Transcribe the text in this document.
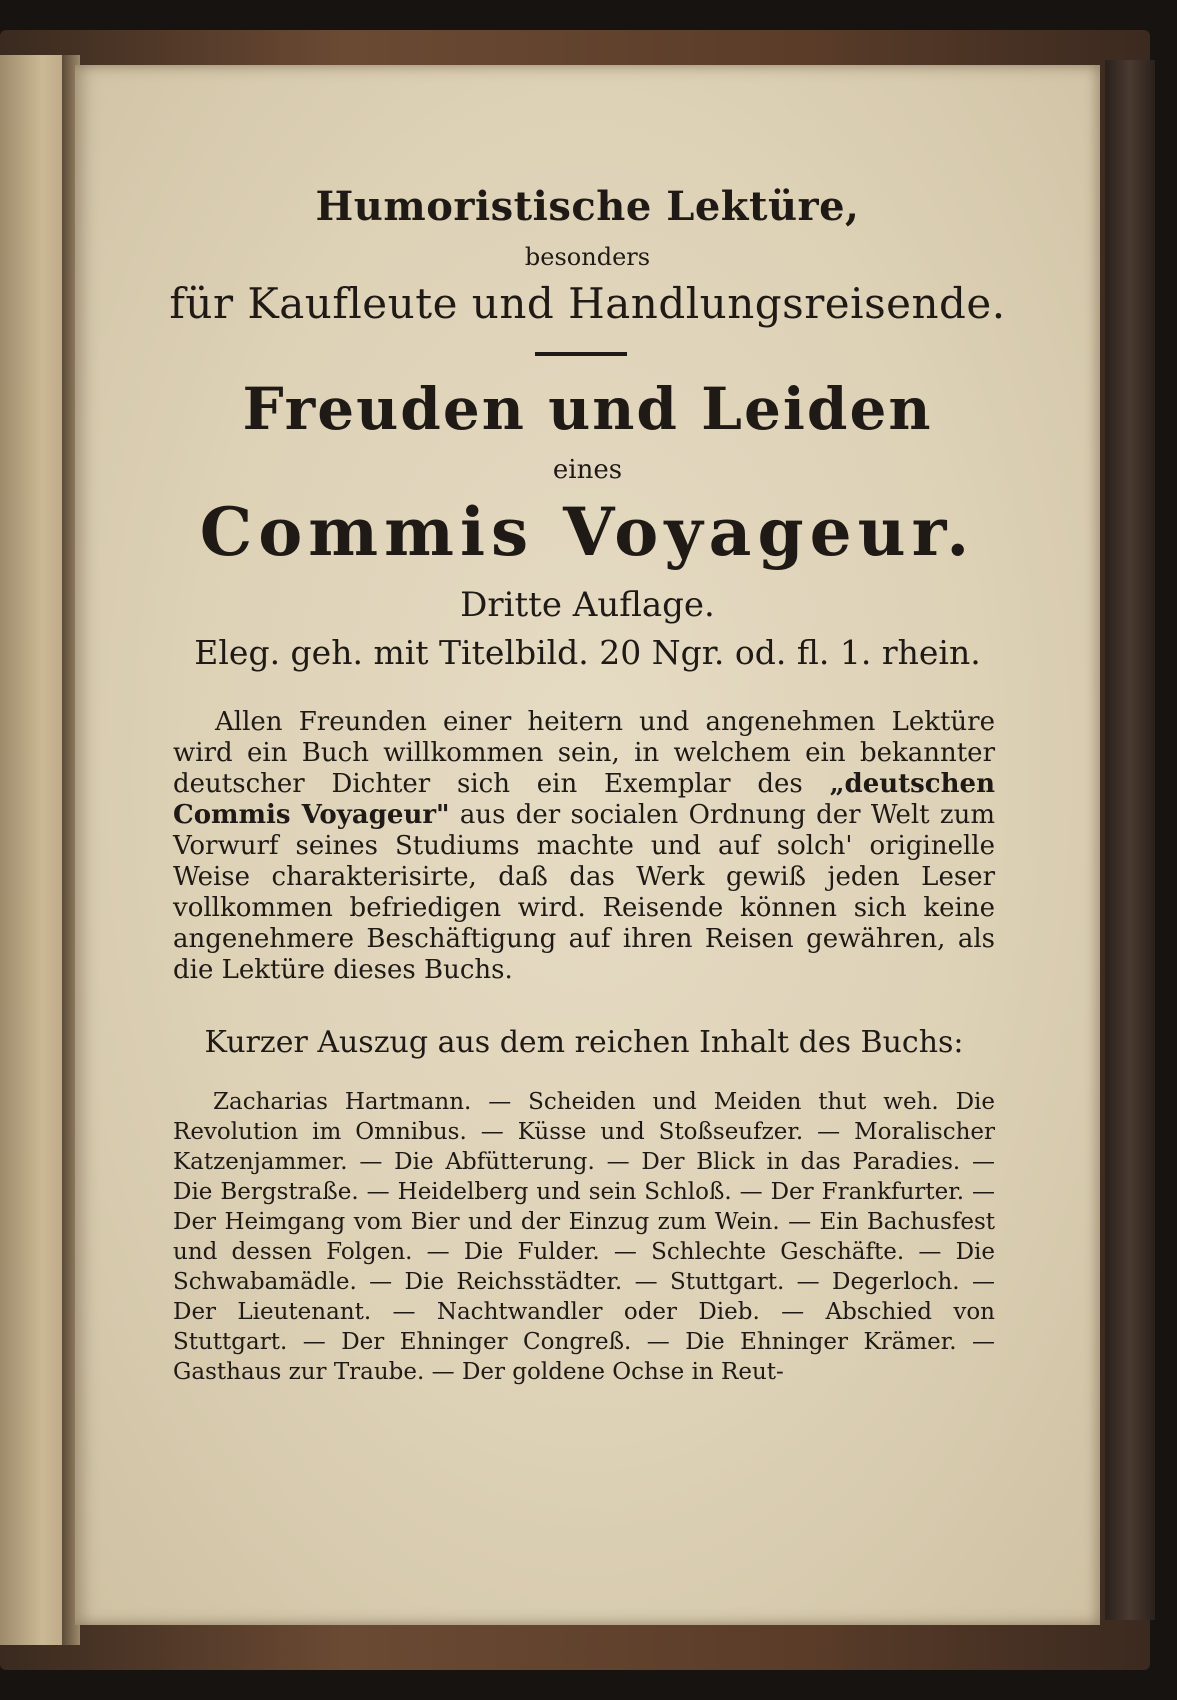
Humoristische Lektüre,

besonders

für Kaufleute und Handlungsreisende.

Freuden und Leiden

eines

Commis Voyageur.

Dritte Auflage.

Eleg. geh. mit Titelbild. 20 Ngr. od. fl. 1. rhein.

Allen Freunden einer heitern und angenehmen Lektüre wird ein Buch willkommen sein, in welchem ein bekannter deutscher Dichter sich ein Exemplar des „deutschen Commis Voyageur" aus der socialen Ordnung der Welt zum Vorwurf seines Studiums machte und auf solch' originelle Weise charakterisirte, daß das Werk gewiß jeden Leser vollkommen befriedigen wird. Reisende können sich keine angenehmere Beschäftigung auf ihren Reisen gewähren, als die Lektüre dieses Buchs.

Kurzer Auszug aus dem reichen Inhalt des Buchs:

Zacharias Hartmann. — Scheiden und Meiden thut weh. Die Revolution im Omnibus. — Küsse und Stoßseufzer. — Moralischer Katzenjammer. — Die Abfütterung. — Der Blick in das Paradies. — Die Bergstraße. — Heidelberg und sein Schloß. — Der Frankfurter. — Der Heimgang vom Bier und der Einzug zum Wein. — Ein Bachusfest und dessen Folgen. — Die Fulder. — Schlechte Geschäfte. — Die Schwabamädle. — Die Reichsstädter. — Stuttgart. — Degerloch. — Der Lieutenant. — Nachtwandler oder Dieb. — Abschied von Stuttgart. — Der Ehninger Congreß. — Die Ehninger Krämer. — Gasthaus zur Traube. — Der goldene Ochse in Reut-
